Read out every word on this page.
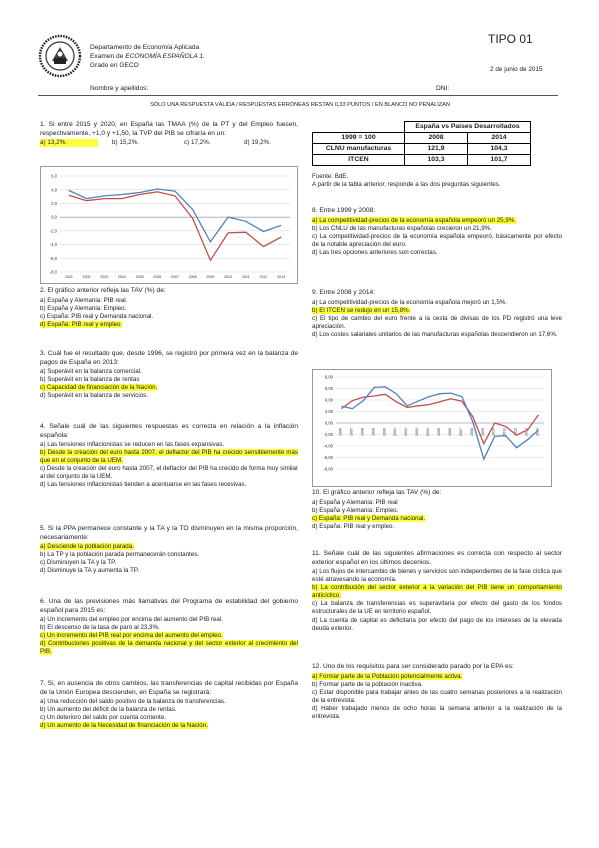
Departamento de Economía Aplicada

Examen de ECONOMÍA ESPAÑOLA 1.

Grado en GECO

TIPO 01
2 de junio de 2015
Nombre y apellidos:	DNI:
SÓLO UNA RESPUESTA VÁLIDA / RESPUESTAS ERRÓNEAS RESTAN 0,33 PUNTOS / EN BLANCO NO PENALIZAN

1. Si entre 2015 y 2020, en España las TMAA (%) de la PT y del Empleo fuesen, respectivamente, +1,0 y +1,50, la TVP del PIB se cifraría en un:

a) 13,2%.	b) 15,2%.	c) 17,2%.	d) 19,2%.
6,0
4,0
2,0
0,0
-2,0
-4,0
-6,0
-8,0
2001	2002	2003	2004	2005	2006	2007	2008	2009	2010	2011	2012	2013

2. El gráfico anterior refleja las TAV (%) de:

a) España y Alemania: PIB real.

b) España y Alemania: Empleo.

c) España: PIB real y Demanda nacional.

d) España: PIB real y empleo.

3. Cuál fue el resultado que, desde 1996, se registró por primera vez en la balanza de pagos de España en 2013:

a) Superávit en la balanza comercial.

b) Superávit en la balanza de rentas

c) Capacidad de financiación de la Nación.

d) Superávit en la balanza de servicios.

4. Señale cuál de las siguientes respuestas es correcta en relación a la inflación española:

a) Las tensiones inflacionistas se reducen en las fases expansivas.

b) Desde la creación del euro hasta 2007, el deflactor del PIB ha crecido sensiblemente más que en el conjunto de la UEM.

c) Desde la creación del euro hasta 2007, el deflactor del PIB ha crecido de forma muy similar al del conjunto de la UEM.

d) Las tensiones inflacionistas tienden a acentuarse en las fases recesivas.

5. Si la PPA permanece constante y la TA y la TO disminuyen en la misma proporción, necesariamente:

a) Desciende la población parada.

b) La TP y la población parada permanecerán constantes.

c) Disminuyen la TA y la TP.

d) Disminuye la TA y aumenta la TP.

6. Una de las previsiones más llamativas del Programa de estabilidad del gobierno español para 2015 es:

a) Un incremento del empleo por encima del aumento del PIB real.

b) El descenso de la tasa de paro al 23,3%.

c) Un incremento del PIB real por encima del aumento del empleo.

d) Contribuciones positivas de la demanda nacional y del sector exterior al crecimiento del PIB.

7. Si, en ausencia de otros cambios, las transferencias de capital recibidas por España de la Unión Europea descienden, en España se registrará:

a) Una reducción del saldo positivo de la balanza de transferencias.

b) Un aumento del déficit de la balanza de rentas.

c) Un deterioro del saldo por cuenta corriente.

d) Un aumento de la Necesidad de financiación de la Nación.

	España vs Países Desarrollados	
1999 = 100	2008	2014
CLNU manufacturas	121,9	104,3
ITCEN	103,3	101,7

Fuente: BdE.

A partir de la tabla anterior, responde a las dos preguntas siguientes.

8. Entre 1999 y 2008:

a) La competitividad-precios de la economía española empeoró un 25,9%.

b) Los CNLU de las manufacturas españolas crecieron un 21,9%.

c) La competitividad-precios de la economía española empeoró, básicamente por efecto de la notable apreciación del euro.

d) Las tres opciones anteriores son correctas.

9. Entre 2008 y 2014:

a) La competitividad-precios de la economía española mejoró un 1,5%.

b) El ITCEN se redujo en un 15,8%.

c) El tipo de cambio del euro frente a la cesta de divisas de los PD registró una leve apreciación.

d) Los costes salariales unitarios de las manufacturas españolas descendieron un 17,6%.

8,00
6,00
4,00
2,00
0,00
-2,00
-4,00
-6,00
-8,00
1996 1997 1998 1999 2000 2001 2002 2003 2004 2005 2006 2007 2008 2009 2010 2011 2012 2013 2014

10. El gráfico anterior refleja las TAV (%) de:

a) España y Alemania: PIB real

b) España y Alemania: Empleo.

c) España: PIB real y Demanda nacional.

d) España: PIB real y empleo.

11. Señale cuál de las siguientes afirmaciones es correcta con respecto al sector exterior español en los últimos decenios.

a) Los flujos de intercambio de bienes y servicios son independientes de la fase cíclica que esté atravesando la economía.

b) La contribución del sector exterior a la variación del PIB tiene un comportamiento anticíclico.

c) La balanza de transferencias es superavitaria por efecto del gasto de los fondos estructurales de la UE en territorio español.

d) La cuenta de capital es deficitaria por efecto del pago de los intereses de la elevada deuda exterior.

12. Uno de los requisitos para ser considerado parado por la EPA es:

a) Formar parte de la Población potencialmente activa.

b) Formar parte de la población inactiva.

c) Estar disponible para trabajar antes de las cuatro semanas posteriores a la realización de la entrevista.

d) Haber trabajado menos de ocho horas la semana anterior a la realización de la entrevista.
